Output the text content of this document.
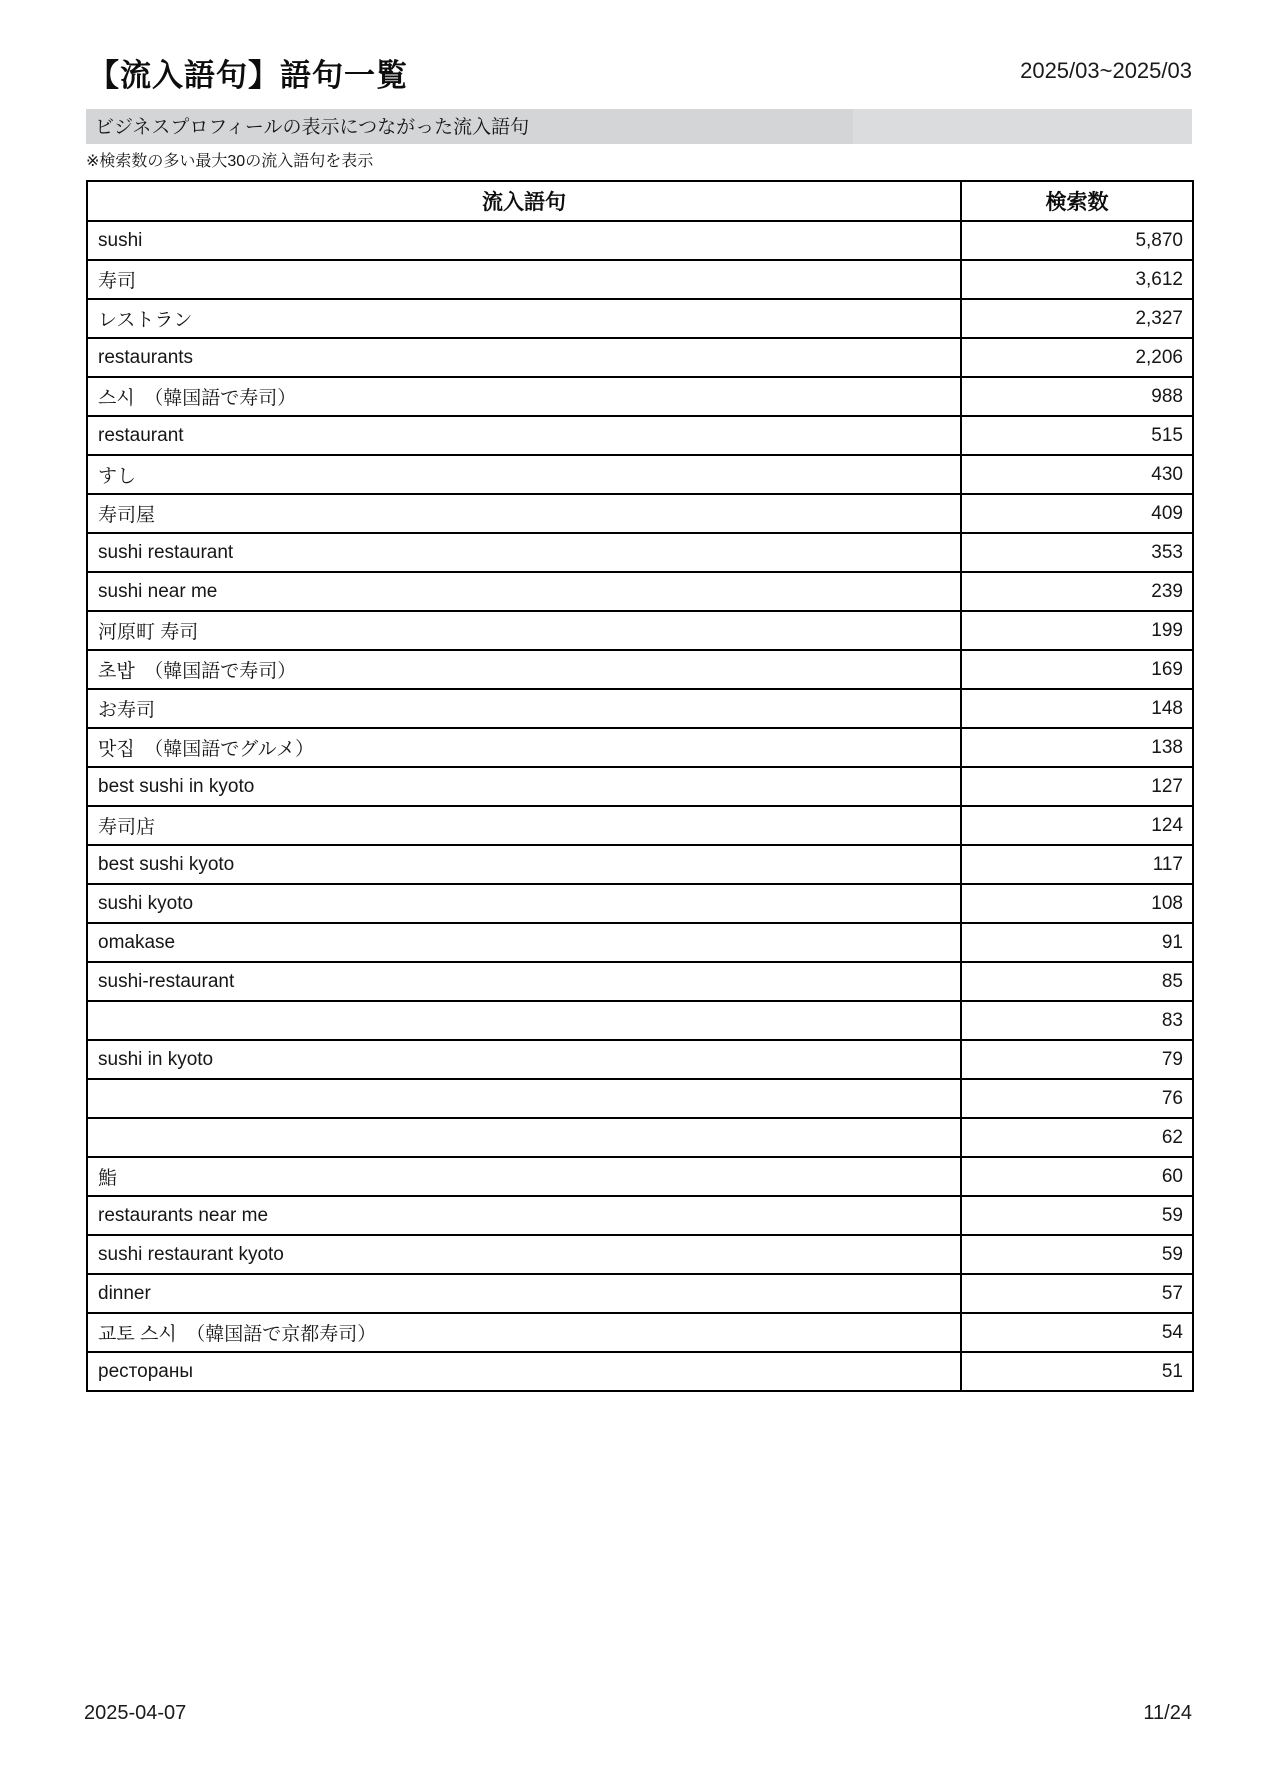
【流入語句】語句一覧	2025/03~2025/03
ビジネスプロフィールの表示につながった流入語句
※検索数の多い最大30の流入語句を表示
流入語句	検索数
sushi	5,870
寿司	3,612
レストラン	2,327
restaurants	2,206
스시　（韓国語で寿司）	988
restaurant	515
すし	430
寿司屋	409
sushi restaurant	353
sushi near me	239
河原町 寿司	199
초밥　（韓国語で寿司）	169
お寿司	148
맛집　（韓国語でグルメ）	138
best sushi in kyoto	127
寿司店	124
best sushi kyoto	117
sushi kyoto	108
omakase	91
sushi-restaurant	85
	83
sushi in kyoto	79
	76
	62
鮨	60
restaurants near me	59
sushi restaurant kyoto	59
dinner	57
교토 스시　（韓国語で京都寿司）	54
рестораны	51
2025-04-07	11/24
